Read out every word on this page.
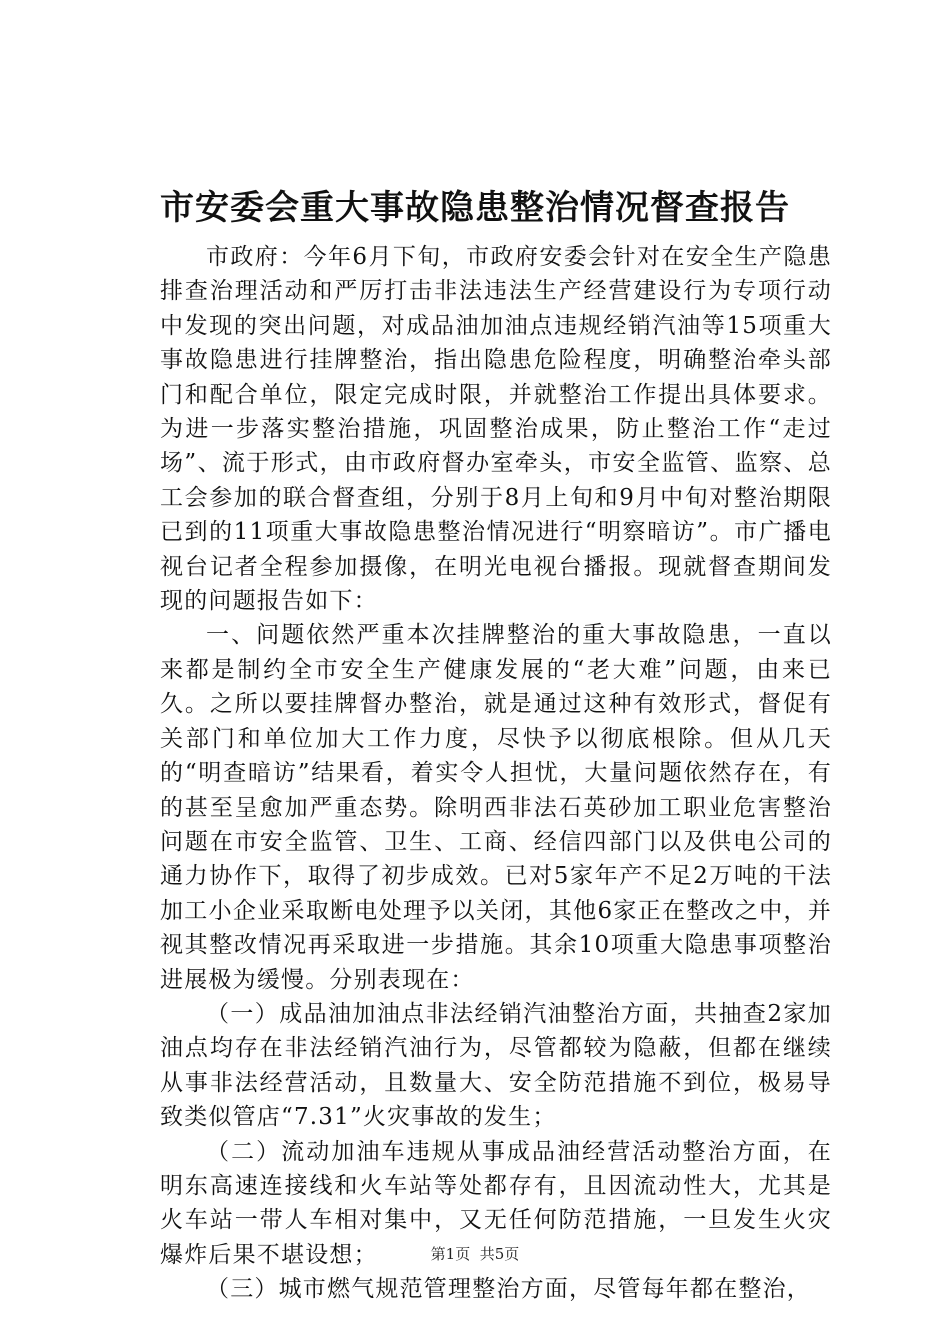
市安委会重大事故隐患整治情况督查报告

市政府：今年6月下旬，市政府安委会针对在安全生产隐患排查治理活动和严厉打击非法违法生产经营建设行为专项行动中发现的突出问题，对成品油加油点违规经销汽油等15项重大事故隐患进行挂牌整治，指出隐患危险程度，明确整治牵头部门和配合单位，限定完成时限，并就整治工作提出具体要求。为进一步落实整治措施，巩固整治成果，防止整治工作“走过场”、流于形式，由市政府督办室牵头，市安全监管、监察、总工会参加的联合督查组，分别于8月上旬和9月中旬对整治期限已到的11项重大事故隐患整治情况进行“明察暗访”。市广播电视台记者全程参加摄像，在明光电视台播报。现就督查期间发现的问题报告如下：

一、问题依然严重本次挂牌整治的重大事故隐患，一直以来都是制约全市安全生产健康发展的“老大难”问题，由来已久。之所以要挂牌督办整治，就是通过这种有效形式，督促有关部门和单位加大工作力度，尽快予以彻底根除。但从几天的“明查暗访”结果看，着实令人担忧，大量问题依然存在，有的甚至呈愈加严重态势。除明西非法石英砂加工职业危害整治问题在市安全监管、卫生、工商、经信四部门以及供电公司的通力协作下，取得了初步成效。已对5家年产不足2万吨的干法加工小企业采取断电处理予以关闭，其他6家正在整改之中，并视其整改情况再采取进一步措施。其余10项重大隐患事项整治进展极为缓慢。分别表现在：

（一）成品油加油点非法经销汽油整治方面，共抽查2家加油点均存在非法经销汽油行为，尽管都较为隐蔽，但都在继续从事非法经营活动，且数量大、安全防范措施不到位，极易导致类似管店“7.31”火灾事故的发生；

（二）流动加油车违规从事成品油经营活动整治方面，在明东高速连接线和火车站等处都存有，且因流动性大，尤其是火车站一带人车相对集中，又无任何防范措施，一旦发生火灾爆炸后果不堪设想；

（三）城市燃气规范管理整治方面，尽管每年都在整治，

第1页 共5页
